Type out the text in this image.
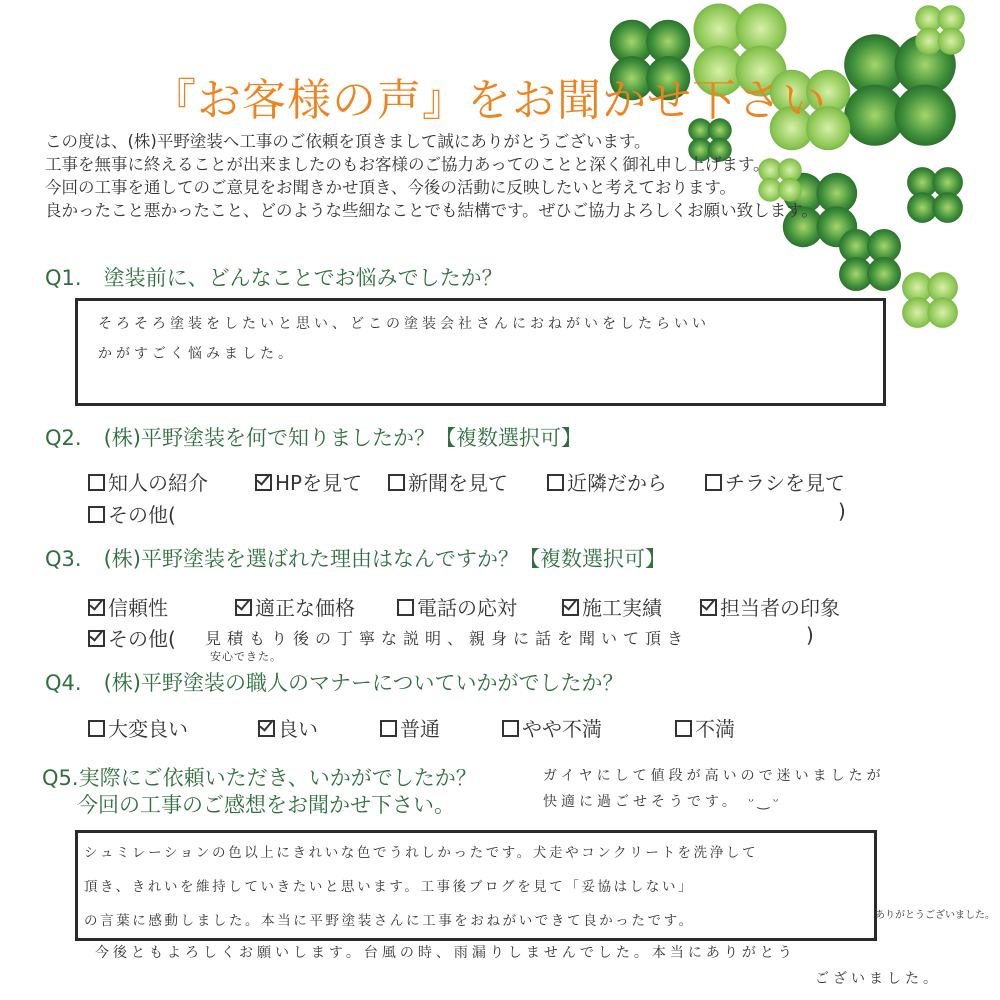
『お客様の声』をお聞かせ下さい
この度は、(株)平野塗装へ工事のご依頼を頂きまして誠にありがとうございます。
工事を無事に終えることが出来ましたのもお客様のご協力あってのことと深く御礼申し上げます。
今回の工事を通してのご意見をお聞きかせ頂き、今後の活動に反映したいと考えております。
良かったこと悪かったこと、どのような些細なことでも結構です。ぜひご協力よろしくお願い致します。
Q1. 塗装前に、どんなことでお悩みでしたか？
そろそろ塗装をしたいと思い、どこの塗装会社さんにおねがいをしたらいい
かがすごく悩みました。
Q2. (株)平野塗装を何で知りましたか？【複数選択可】
知人の紹介	HPを見て	新聞を見て	近隣だから	チラシを見て
その他(	)
Q3. (株)平野塗装を選ばれた理由はなんですか？【複数選択可】
信頼性	適正な価格	電話の応対	施工実績	担当者の印象
その他( 見積もり後の丁寧な説明、親身に話を聞いて頂き	)
安心できた。
Q4. (株)平野塗装の職人のマナーについていかがでしたか？
大変良い	良い	普通	やや不満	不満
Q5.実際にご依頼いただき、いかがでしたか？
今回の工事のご感想をお聞かせ下さい。
ガイヤにして値段が高いので迷いましたが
快適に過ごせそうです。 ᵕ‿ᵕ
シュミレーションの色以上にきれいな色でうれしかったです。犬走やコンクリートを洗浄して
頂き、きれいを維持していきたいと思います。工事後ブログを見て「妥協はしない」
の言葉に感動しました。本当に平野塗装さんに工事をおねがいできて良かったです。	ありがとうございました。
今後ともよろしくお願いします。台風の時、雨漏りしませんでした。本当にありがとう
ございました。
